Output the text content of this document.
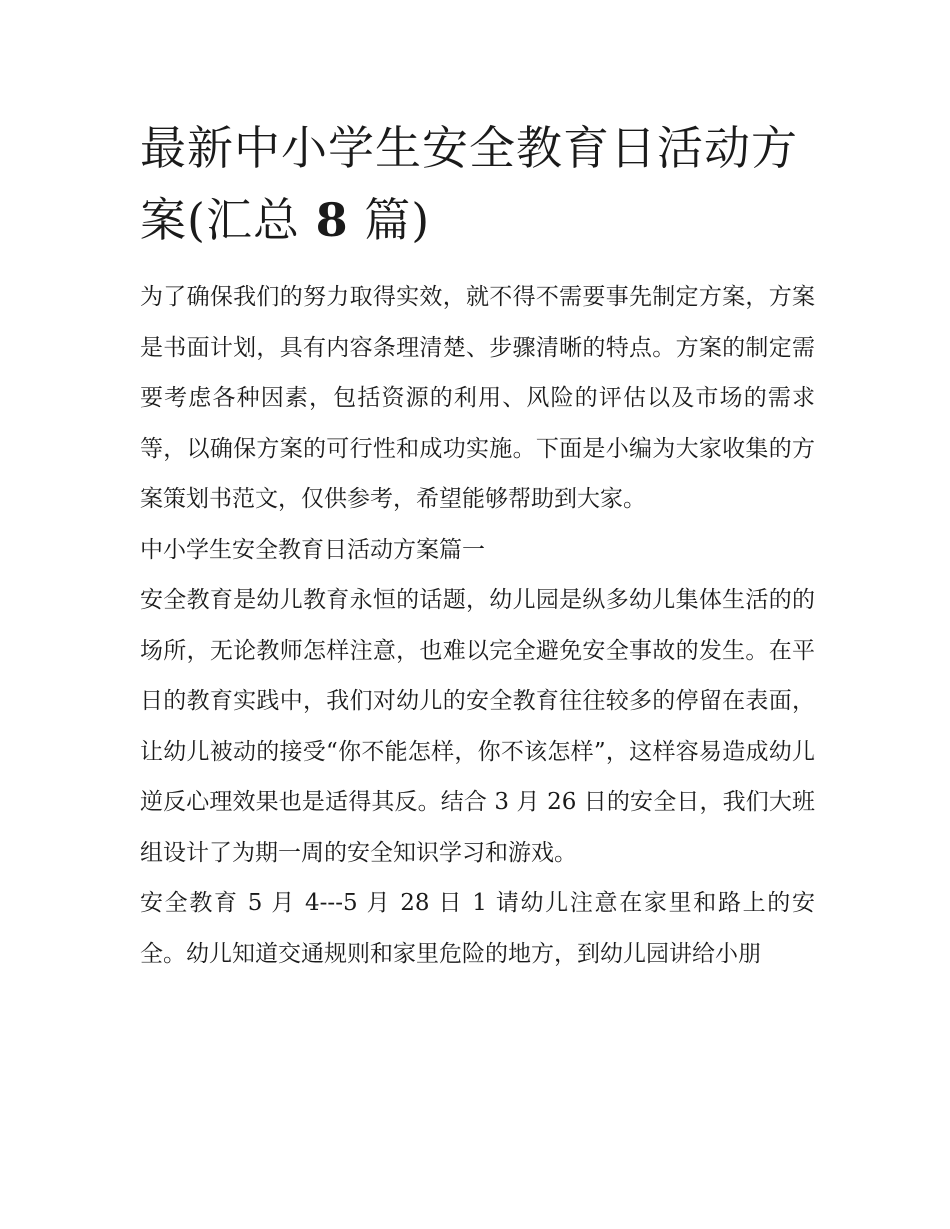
最新中小学生安全教育日活动方案(汇总 8 篇)

为了确保我们的努力取得实效，就不得不需要事先制定方案，方案是书面计划，具有内容条理清楚、步骤清晰的特点。方案的制定需要考虑各种因素，包括资源的利用、风险的评估以及市场的需求等，以确保方案的可行性和成功实施。下面是小编为大家收集的方案策划书范文，仅供参考，希望能够帮助到大家。

中小学生安全教育日活动方案篇一

安全教育是幼儿教育永恒的话题，幼儿园是纵多幼儿集体生活的的场所，无论教师怎样注意，也难以完全避免安全事故的发生。在平日的教育实践中，我们对幼儿的安全教育往往较多的停留在表面，让幼儿被动的接受“你不能怎样，你不该怎样”，这样容易造成幼儿逆反心理效果也是适得其反。结合 3 月 26 日的安全日，我们大班组设计了为期一周的安全知识学习和游戏。

安全教育 5 月 4---5 月 28 日 1 请幼儿注意在家里和路上的安全。幼儿知道交通规则和家里危险的地方，到幼儿园讲给小朋
